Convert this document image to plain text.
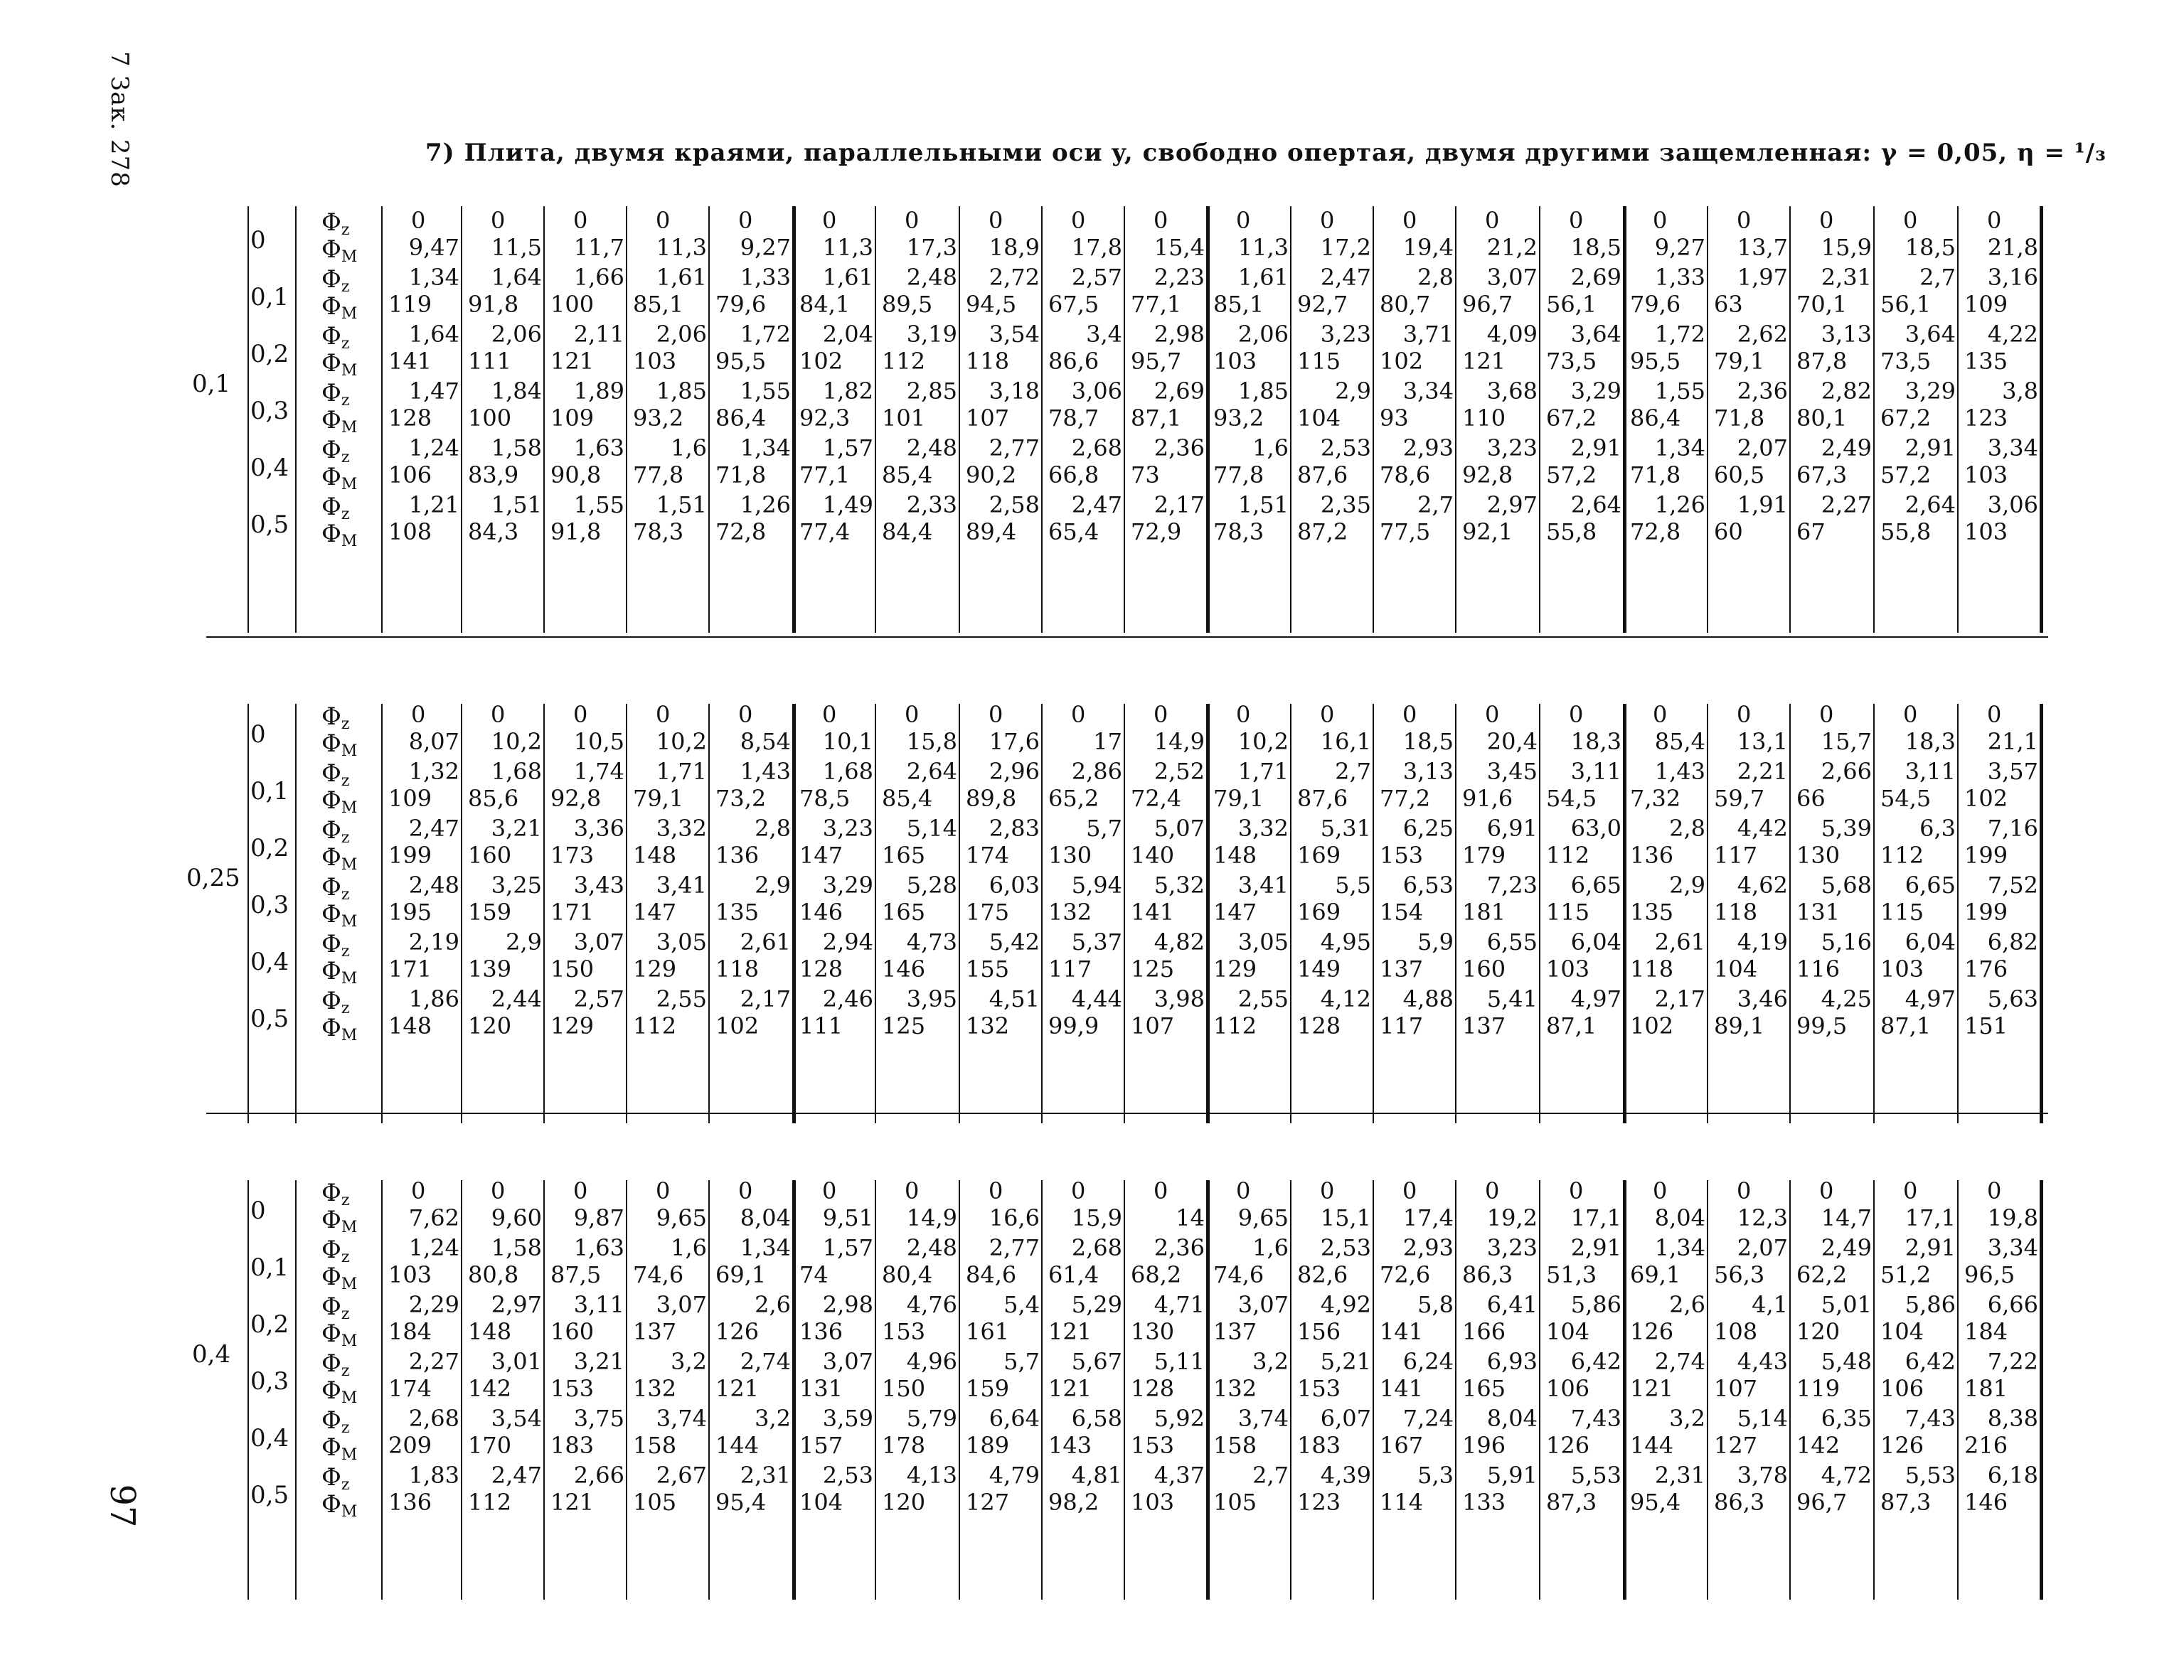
7 Зак. 278	7) Плита, двумя краями, параллельными оси y, свободно опертая, двумя другими защемленная: γ = 0,05, η = ¹/₃
97
0,1
0
$\Phi_z$
$\Phi_M$
0
9,47
0
11,5
0
11,7
0
11,3
0
9,27
0
11,3
0
17,3
0
18,9
0
17,8
0
15,4
0
11,3
0
17,2
0
19,4
0
21,2
0
18,5
0
9,27
0
13,7
0
15,9
0
18,5
0
21,8
0,1
$\Phi_z$
$\Phi_M$
1,34
119
1,64
91,8
1,66
100
1,61
85,1
1,33
79,6
1,61
84,1
2,48
89,5
2,72
94,5
2,57
67,5
2,23
77,1
1,61
85,1
2,47
92,7
2,8
80,7
3,07
96,7
2,69
56,1
1,33
79,6
1,97
63
2,31
70,1
2,7
56,1
3,16
109
0,2
$\Phi_z$
$\Phi_M$
1,64
141
2,06
111
2,11
121
2,06
103
1,72
95,5
2,04
102
3,19
112
3,54
118
3,4
86,6
2,98
95,7
2,06
103
3,23
115
3,71
102
4,09
121
3,64
73,5
1,72
95,5
2,62
79,1
3,13
87,8
3,64
73,5
4,22
135
0,3
$\Phi_z$
$\Phi_M$
1,47
128
1,84
100
1,89
109
1,85
93,2
1,55
86,4
1,82
92,3
2,85
101
3,18
107
3,06
78,7
2,69
87,1
1,85
93,2
2,9
104
3,34
93
3,68
110
3,29
67,2
1,55
86,4
2,36
71,8
2,82
80,1
3,29
67,2
3,8
123
0,4
$\Phi_z$
$\Phi_M$
1,24
106
1,58
83,9
1,63
90,8
1,6
77,8
1,34
71,8
1,57
77,1
2,48
85,4
2,77
90,2
2,68
66,8
2,36
73
1,6
77,8
2,53
87,6
2,93
78,6
3,23
92,8
2,91
57,2
1,34
71,8
2,07
60,5
2,49
67,3
2,91
57,2
3,34
103
0,5
$\Phi_z$
$\Phi_M$
1,21
108
1,51
84,3
1,55
91,8
1,51
78,3
1,26
72,8
1,49
77,4
2,33
84,4
2,58
89,4
2,47
65,4
2,17
72,9
1,51
78,3
2,35
87,2
2,7
77,5
2,97
92,1
2,64
55,8
1,26
72,8
1,91
60
2,27
67
2,64
55,8
3,06
103
0,25
0
$\Phi_z$
$\Phi_M$
0
8,07
0
10,2
0
10,5
0
10,2
0
8,54
0
10,1
0
15,8
0
17,6
0
17
0
14,9
0
10,2
0
16,1
0
18,5
0
20,4
0
18,3
0
85,4
0
13,1
0
15,7
0
18,3
0
21,1
0,1
$\Phi_z$
$\Phi_M$
1,32
109
1,68
85,6
1,74
92,8
1,71
79,1
1,43
73,2
1,68
78,5
2,64
85,4
2,96
89,8
2,86
65,2
2,52
72,4
1,71
79,1
2,7
87,6
3,13
77,2
3,45
91,6
3,11
54,5
1,43
7,32
2,21
59,7
2,66
66
3,11
54,5
3,57
102
0,2
$\Phi_z$
$\Phi_M$
2,47
199
3,21
160
3,36
173
3,32
148
2,8
136
3,23
147
5,14
165
2,83
174
5,7
130
5,07
140
3,32
148
5,31
169
6,25
153
6,91
179
63,0
112
2,8
136
4,42
117
5,39
130
6,3
112
7,16
199
0,3
$\Phi_z$
$\Phi_M$
2,48
195
3,25
159
3,43
171
3,41
147
2,9
135
3,29
146
5,28
165
6,03
175
5,94
132
5,32
141
3,41
147
5,5
169
6,53
154
7,23
181
6,65
115
2,9
135
4,62
118
5,68
131
6,65
115
7,52
199
0,4
$\Phi_z$
$\Phi_M$
2,19
171
2,9
139
3,07
150
3,05
129
2,61
118
2,94
128
4,73
146
5,42
155
5,37
117
4,82
125
3,05
129
4,95
149
5,9
137
6,55
160
6,04
103
2,61
118
4,19
104
5,16
116
6,04
103
6,82
176
0,5
$\Phi_z$
$\Phi_M$
1,86
148
2,44
120
2,57
129
2,55
112
2,17
102
2,46
111
3,95
125
4,51
132
4,44
99,9
3,98
107
2,55
112
4,12
128
4,88
117
5,41
137
4,97
87,1
2,17
102
3,46
89,1
4,25
99,5
4,97
87,1
5,63
151
0,4
0
$\Phi_z$
$\Phi_M$
0
7,62
0
9,60
0
9,87
0
9,65
0
8,04
0
9,51
0
14,9
0
16,6
0
15,9
0
14
0
9,65
0
15,1
0
17,4
0
19,2
0
17,1
0
8,04
0
12,3
0
14,7
0
17,1
0
19,8
0,1
$\Phi_z$
$\Phi_M$
1,24
103
1,58
80,8
1,63
87,5
1,6
74,6
1,34
69,1
1,57
74
2,48
80,4
2,77
84,6
2,68
61,4
2,36
68,2
1,6
74,6
2,53
82,6
2,93
72,6
3,23
86,3
2,91
51,3
1,34
69,1
2,07
56,3
2,49
62,2
2,91
51,2
3,34
96,5
0,2
$\Phi_z$
$\Phi_M$
2,29
184
2,97
148
3,11
160
3,07
137
2,6
126
2,98
136
4,76
153
5,4
161
5,29
121
4,71
130
3,07
137
4,92
156
5,8
141
6,41
166
5,86
104
2,6
126
4,1
108
5,01
120
5,86
104
6,66
184
0,3
$\Phi_z$
$\Phi_M$
2,27
174
3,01
142
3,21
153
3,2
132
2,74
121
3,07
131
4,96
150
5,7
159
5,67
121
5,11
128
3,2
132
5,21
153
6,24
141
6,93
165
6,42
106
2,74
121
4,43
107
5,48
119
6,42
106
7,22
181
0,4
$\Phi_z$
$\Phi_M$
2,68
209
3,54
170
3,75
183
3,74
158
3,2
144
3,59
157
5,79
178
6,64
189
6,58
143
5,92
153
3,74
158
6,07
183
7,24
167
8,04
196
7,43
126
3,2
144
5,14
127
6,35
142
7,43
126
8,38
216
0,5
$\Phi_z$
$\Phi_M$
1,83
136
2,47
112
2,66
121
2,67
105
2,31
95,4
2,53
104
4,13
120
4,79
127
4,81
98,2
4,37
103
2,7
105
4,39
123
5,3
114
5,91
133
5,53
87,3
2,31
95,4
3,78
86,3
4,72
96,7
5,53
87,3
6,18
146
